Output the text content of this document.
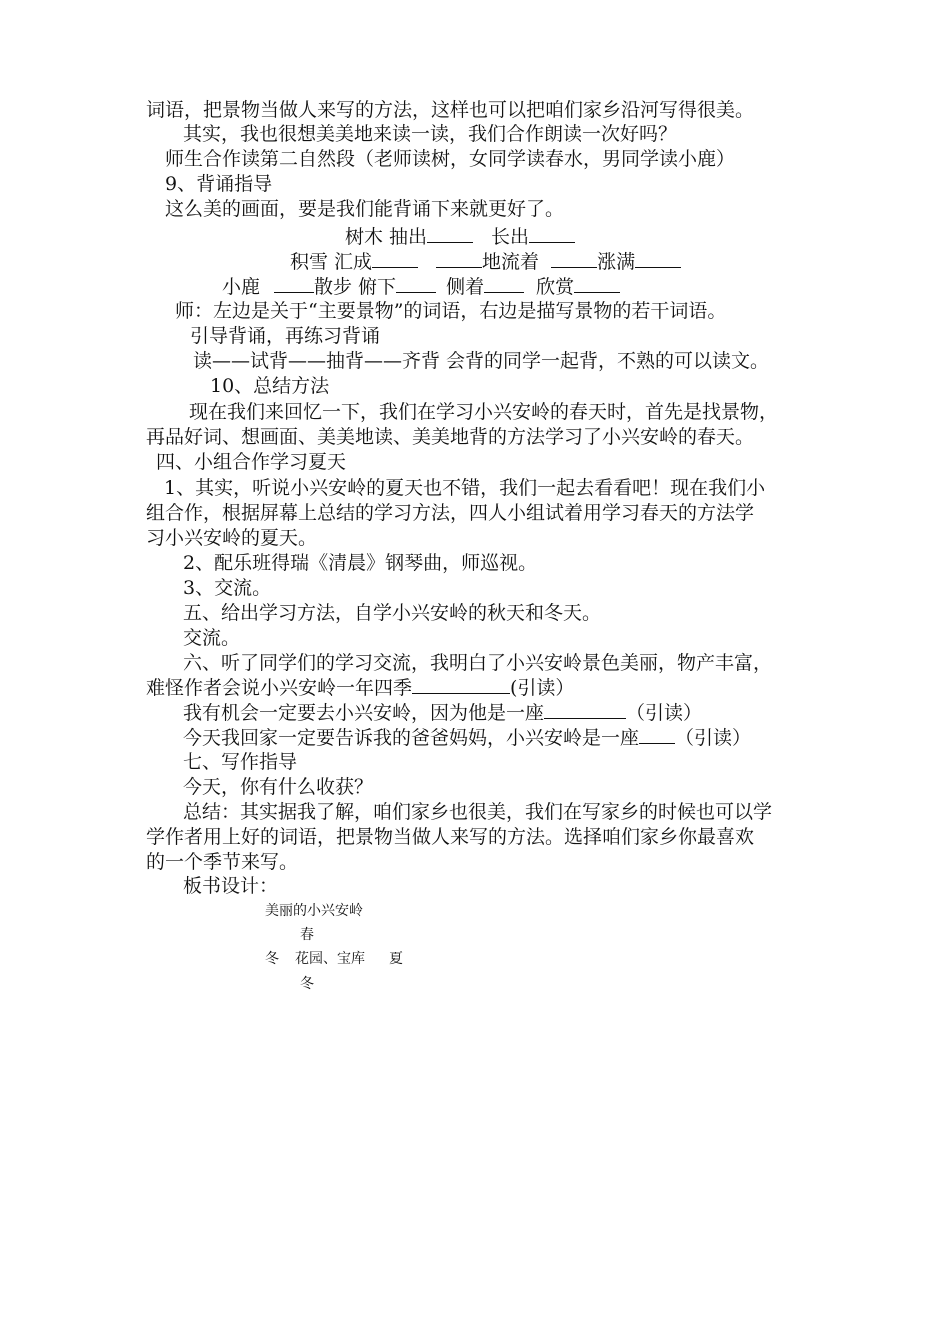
词语，把景物当做人来写的方法，这样也可以把咱们家乡沿河写得很美。
其实，我也很想美美地来读一读，我们合作朗读一次好吗？
师生合作读第二自然段（老师读树，女同学读春水，男同学读小鹿）
9、背诵指导
这么美的画面，要是我们能背诵下来就更好了。
树木 抽出	长出
积雪 汇成	地流着	涨满
小鹿	散步 俯下	侧着	欣赏
师：左边是关于“主要景物”的词语，右边是描写景物的若干词语。
引导背诵，再练习背诵
读——试背——抽背——齐背 会背的同学一起背，不熟的可以读文。
10、总结方法
现在我们来回忆一下，我们在学习小兴安岭的春天时，首先是找景物，
再品好词、想画面、美美地读、美美地背的方法学习了小兴安岭的春天。
四、小组合作学习夏天
1、其实，听说小兴安岭的夏天也不错，我们一起去看看吧！现在我们小
组合作，根据屏幕上总结的学习方法，四人小组试着用学习春天的方法学
习小兴安岭的夏天。
2、配乐班得瑞《清晨》钢琴曲，师巡视。
3、交流。
五、给出学习方法，自学小兴安岭的秋天和冬天。
交流。
六、听了同学们的学习交流，我明白了小兴安岭景色美丽，物产丰富，
难怪作者会说小兴安岭一年四季	(引读）
我有机会一定要去小兴安岭，因为他是一座	（引读）
今天我回家一定要告诉我的爸爸妈妈，小兴安岭是一座 （引读）
七、写作指导
今天，你有什么收获？
总结：其实据我了解，咱们家乡也很美，我们在写家乡的时候也可以学
学作者用上好的词语，把景物当做人来写的方法。选择咱们家乡你最喜欢
的一个季节来写。
板书设计：
美丽的小兴安岭
春
冬 花园、宝库 夏
冬
